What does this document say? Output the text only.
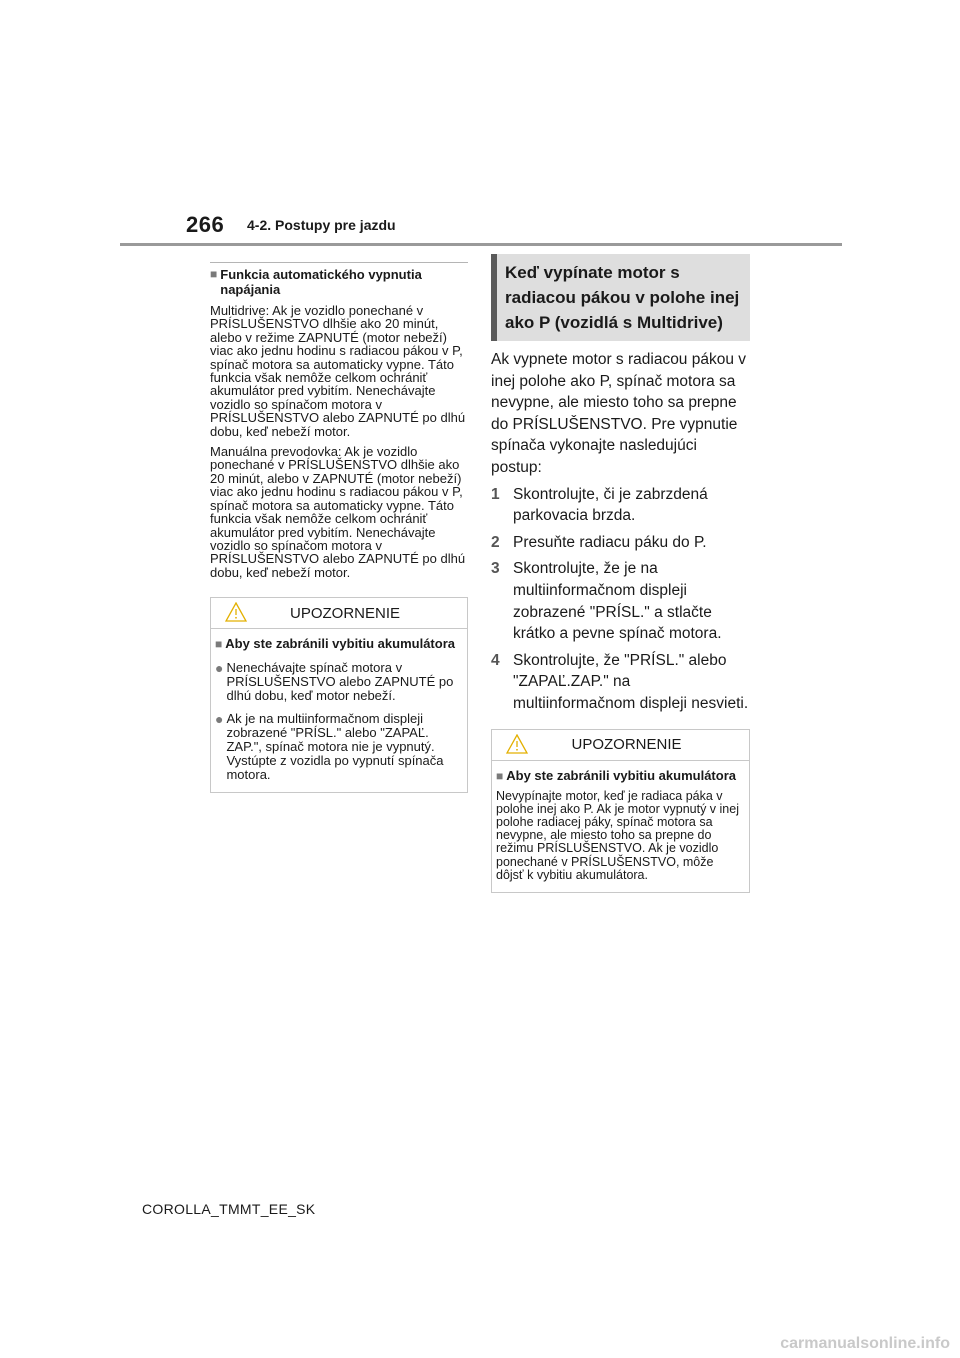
266 4-2. Postupy pre jazdu
■ Funkcia automatického vypnutia napájania
Multidrive: Ak je vozidlo ponechané v PRÍSLUŠENSTVO dlhšie ako 20 minút, alebo v režime ZAPNUTÉ (motor nebeží) viac ako jednu hodinu s radiacou pákou v P, spínač motora sa automaticky vypne. Táto funkcia však nemôže celkom ochrániť akumulátor pred vybitím. Nenechávajte vozidlo so spínačom motora v PRÍSLUŠENSTVO alebo ZAPNUTÉ po dlhú dobu, keď nebeží motor.
Manuálna prevodovka: Ak je vozidlo ponechané v PRÍSLUŠENSTVO dlhšie ako 20 minút, alebo v ZAPNUTÉ (motor nebeží) viac ako jednu hodinu s radiacou pákou v P, spínač motora sa automaticky vypne. Táto funkcia však nemôže celkom ochrániť akumulátor pred vybitím. Nenechávajte vozidlo so spínačom motora v PRÍSLUŠENSTVO alebo ZAPNUTÉ po dlhú dobu, keď nebeží motor.
UPOZORNENIE
■ Aby ste zabránili vybitiu akumulátora
● Nenechávajte spínač motora v PRÍSLUŠENSTVO alebo ZAPNUTÉ po dlhú dobu, keď motor nebeží.
● Ak je na multiinformačnom displeji zobrazené "PRÍSL." alebo "ZAPAĽ. ZAP.", spínač motora nie je vypnutý. Vystúpte z vozidla po vypnutí spínača motora.
Keď vypínate motor s radiacou pákou v polohe inej ako P (vozidlá s Multidrive)
Ak vypnete motor s radiacou pákou v inej polohe ako P, spínač motora sa nevypne, ale miesto toho sa prepne do PRÍSLUŠENSTVO. Pre vypnutie spínača vykonajte nasledujúci postup:
1 Skontrolujte, či je zabrzdená parkovacia brzda.
2 Presuňte radiacu páku do P.
3 Skontrolujte, že je na multiinformačnom displeji zobrazené "PRÍSL." a stlačte krátko a pevne spínač motora.
4 Skontrolujte, že "PRÍSL." alebo "ZAPAĽ.ZAP." na multiinformačnom displeji nesvieti.
UPOZORNENIE
■ Aby ste zabránili vybitiu akumulátora
Nevypínajte motor, keď je radiaca páka v polohe inej ako P. Ak je motor vypnutý v inej polohe radiacej páky, spínač motora sa nevypne, ale miesto toho sa prepne do režimu PRÍSLUŠENSTVO. Ak je vozidlo ponechané v PRÍSLUŠENSTVO, môže dôjsť k vybitiu akumulátora.
COROLLA_TMMT_EE_SK
carmanualsonline.info
